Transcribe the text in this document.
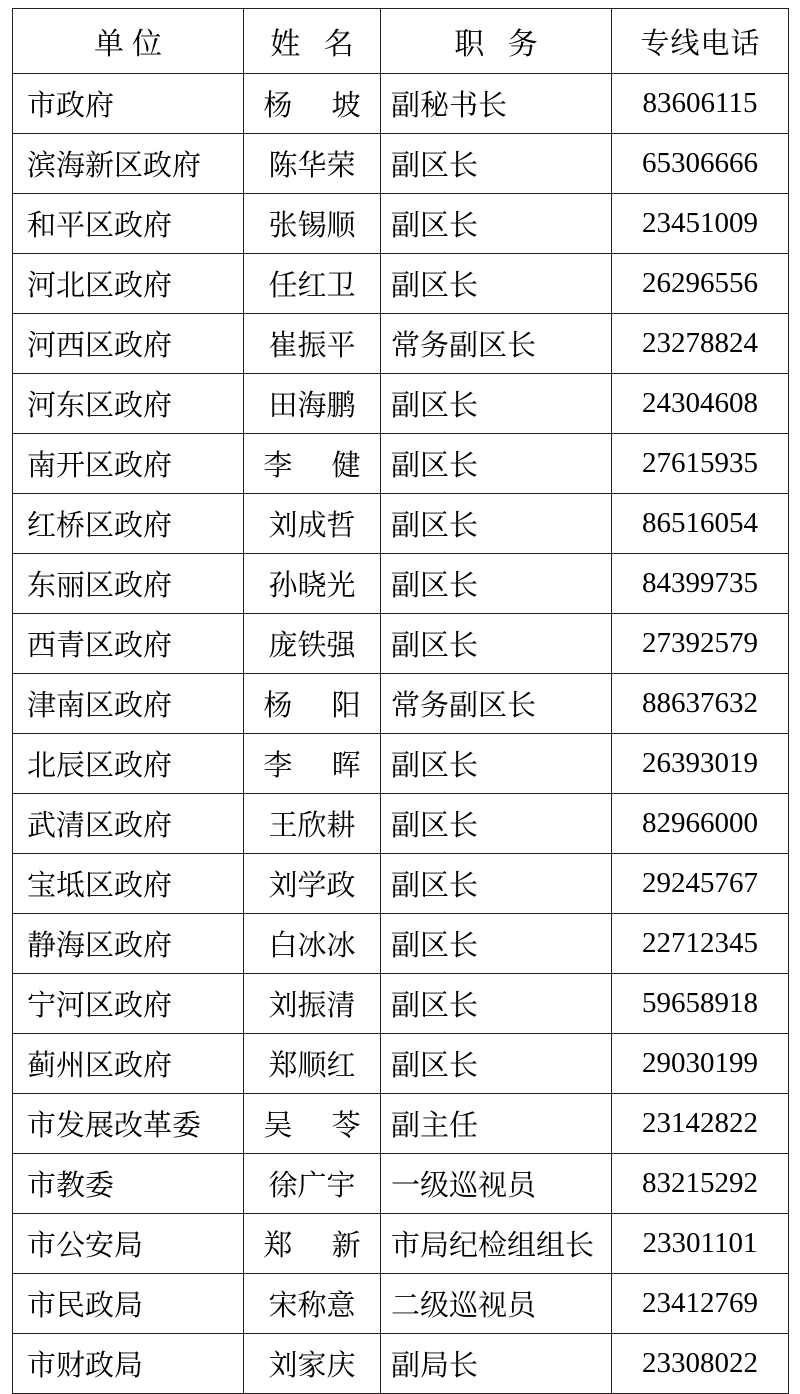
单位	姓 名	职 务	专线电话
市政府	杨 坡	副秘书长	83606115
滨海新区政府	陈华荣	副区长	65306666
和平区政府	张锡顺	副区长	23451009
河北区政府	任红卫	副区长	26296556
河西区政府	崔振平	常务副区长	23278824
河东区政府	田海鹏	副区长	24304608
南开区政府	李 健	副区长	27615935
红桥区政府	刘成哲	副区长	86516054
东丽区政府	孙晓光	副区长	84399735
西青区政府	庞铁强	副区长	27392579
津南区政府	杨 阳	常务副区长	88637632
北辰区政府	李 晖	副区长	26393019
武清区政府	王欣耕	副区长	82966000
宝坻区政府	刘学政	副区长	29245767
静海区政府	白冰冰	副区长	22712345
宁河区政府	刘振清	副区长	59658918
蓟州区政府	郑顺红	副区长	29030199
市发展改革委	吴 苓	副主任	23142822
市教委	徐广宇	一级巡视员	83215292
市公安局	郑 新	市局纪检组组长	23301101
市民政局	宋称意	二级巡视员	23412769
市财政局	刘家庆	副局长	23308022
